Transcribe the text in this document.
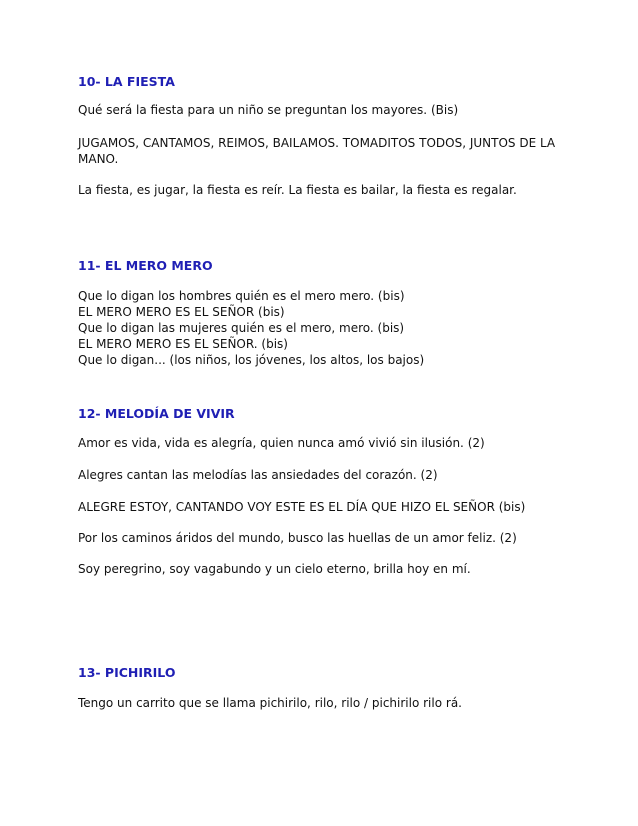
10- LA FIESTA

Qué será la fiesta para un niño se preguntan los mayores. (Bis)

JUGAMOS, CANTAMOS, REIMOS, BAILAMOS. TOMADITOS TODOS, JUNTOS DE LA

MANO.

La fiesta, es jugar, la fiesta es reír. La fiesta es bailar, la fiesta es regalar.

11- EL MERO MERO

Que lo digan los hombres quién es el mero mero. (bis)
EL MERO MERO ES EL SEÑOR (bis)
Que lo digan las mujeres quién es el mero, mero. (bis)
EL MERO MERO ES EL SEÑOR. (bis)
Que lo digan... (los niños, los jóvenes, los altos, los bajos)

12- MELODÍA DE VIVIR

Amor es vida, vida es alegría, quien nunca amó vivió sin ilusión. (2)

Alegres cantan las melodías las ansiedades del corazón. (2)

ALEGRE ESTOY, CANTANDO VOY ESTE ES EL DÍA QUE HIZO EL SEÑOR (bis)

Por los caminos áridos del mundo, busco las huellas de un amor feliz. (2)

Soy peregrino, soy vagabundo y un cielo eterno, brilla hoy en mí.

13- PICHIRILO

Tengo un carrito que se llama pichirilo, rilo, rilo / pichirilo rilo rá.
